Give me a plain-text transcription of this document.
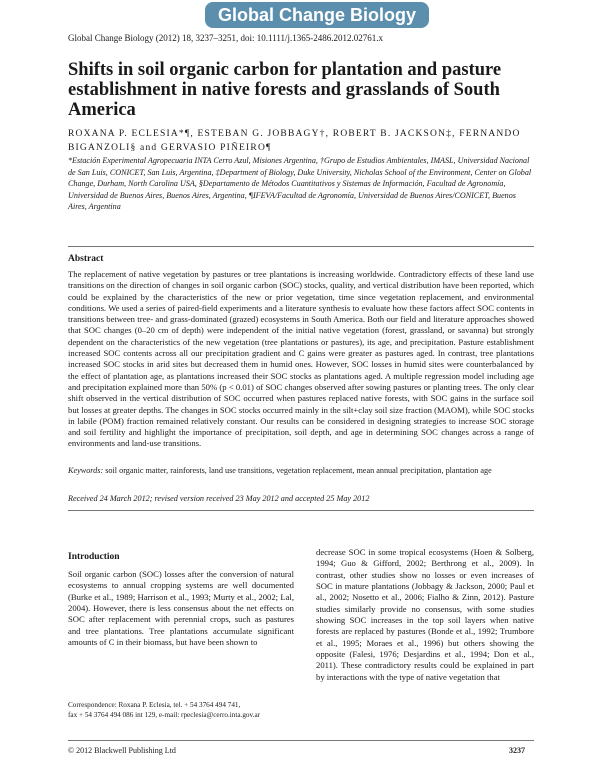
Global Change Biology
Global Change Biology (2012) 18, 3237–3251, doi: 10.1111/j.1365-2486.2012.02761.x
Shifts in soil organic carbon for plantation and pasture establishment in native forests and grasslands of South America
ROXANA P. ECLESIA*¶, ESTEBAN G. JOBBAGY†, ROBERT B. JACKSON‡, FERNANDO BIGANZOLI§ and GERVASIO PIÑEIRO¶
*Estación Experimental Agropecuaria INTA Cerro Azul, Misiones Argentina, †Grupo de Estudios Ambientales, IMASL, Universidad Nacional de San Luis, CONICET, San Luis, Argentina, ‡Department of Biology, Duke University, Nicholas School of the Environment, Center on Global Change, Durham, North Carolina USA, §Departamento de Métodos Cuantitativos y Sistemas de Información, Facultad de Agronomía, Universidad de Buenos Aires, Buenos Aires, Argentina, ¶IFEVA/Facultad de Agronomía, Universidad de Buenos Aires/CONICET, Buenos Aires, Argentina
Abstract

The replacement of native vegetation by pastures or tree plantations is increasing worldwide. Contradictory effects of these land use transitions on the direction of changes in soil organic carbon (SOC) stocks, quality, and vertical distribution have been reported, which could be explained by the characteristics of the new or prior vegetation, time since vegetation replacement, and environmental conditions. We used a series of paired-field experiments and a literature synthesis to evaluate how these factors affect SOC contents in transitions between tree- and grass-dominated (grazed) ecosystems in South America. Both our field and literature approaches showed that SOC changes (0–20 cm of depth) were independent of the initial native vegetation (forest, grassland, or savanna) but strongly dependent on the characteristics of the new vegetation (tree plantations or pastures), its age, and precipitation. Pasture establishment increased SOC contents across all our precipitation gradient and C gains were greater as pastures aged. In contrast, tree plantations increased SOC stocks in arid sites but decreased them in humid ones. However, SOC losses in humid sites were counterbalanced by the effect of plantation age, as plantations increased their SOC stocks as plantations aged. A multiple regression model including age and precipitation explained more than 50% (p < 0.01) of SOC changes observed after sowing pastures or planting trees. The only clear shift observed in the vertical distribution of SOC occurred when pastures replaced native forests, with SOC gains in the surface soil but losses at greater depths. The changes in SOC stocks occurred mainly in the silt+clay soil size fraction (MAOM), while SOC stocks in labile (POM) fraction remained relatively constant. Our results can be considered in designing strategies to increase SOC storage and soil fertility and highlight the importance of precipitation, soil depth, and age in determining SOC changes across a range of environments and land-use transitions.

Keywords: soil organic matter, rainforests, land use transitions, vegetation replacement, mean annual precipitation, plantation age
Received 24 March 2012; revised version received 23 May 2012 and accepted 25 May 2012
Introduction

Soil organic carbon (SOC) losses after the conversion of natural ecosystems to annual cropping systems are well documented (Burke et al., 1989; Harrison et al., 1993; Murty et al., 2002; Lal, 2004). However, there is less consensus about the net effects on SOC after replacement with perennial crops, such as pastures and tree plantations. Tree plantations accumulate significant amounts of C in their biomass, but have been shown to

decrease SOC in some tropical ecosystems (Hoen & Solberg, 1994; Guo & Gifford, 2002; Berthrong et al., 2009). In contrast, other studies show no losses or even increases of SOC in mature plantations (Jobbagy & Jackson, 2000; Paul et al., 2002; Nosetto et al., 2006; Fialho & Zinn, 2012). Pasture studies similarly provide no consensus, with some studies showing SOC increases in the top soil layers when native forests are replaced by pastures (Bonde et al., 1992; Trumbore et al., 1995; Moraes et al., 1996) but others showing the opposite (Falesi, 1976; Desjardins et al., 1994; Don et al., 2011). These contradictory results could be explained in part by interactions with the type of native vegetation that

Correspondence: Roxana P. Eclesia, tel. + 54 3764 494 741,
fax + 54 3764 494 086 int 129, e-mail: rpeclesia@cerro.inta.gov.ar
© 2012 Blackwell Publishing Ltd	3237
